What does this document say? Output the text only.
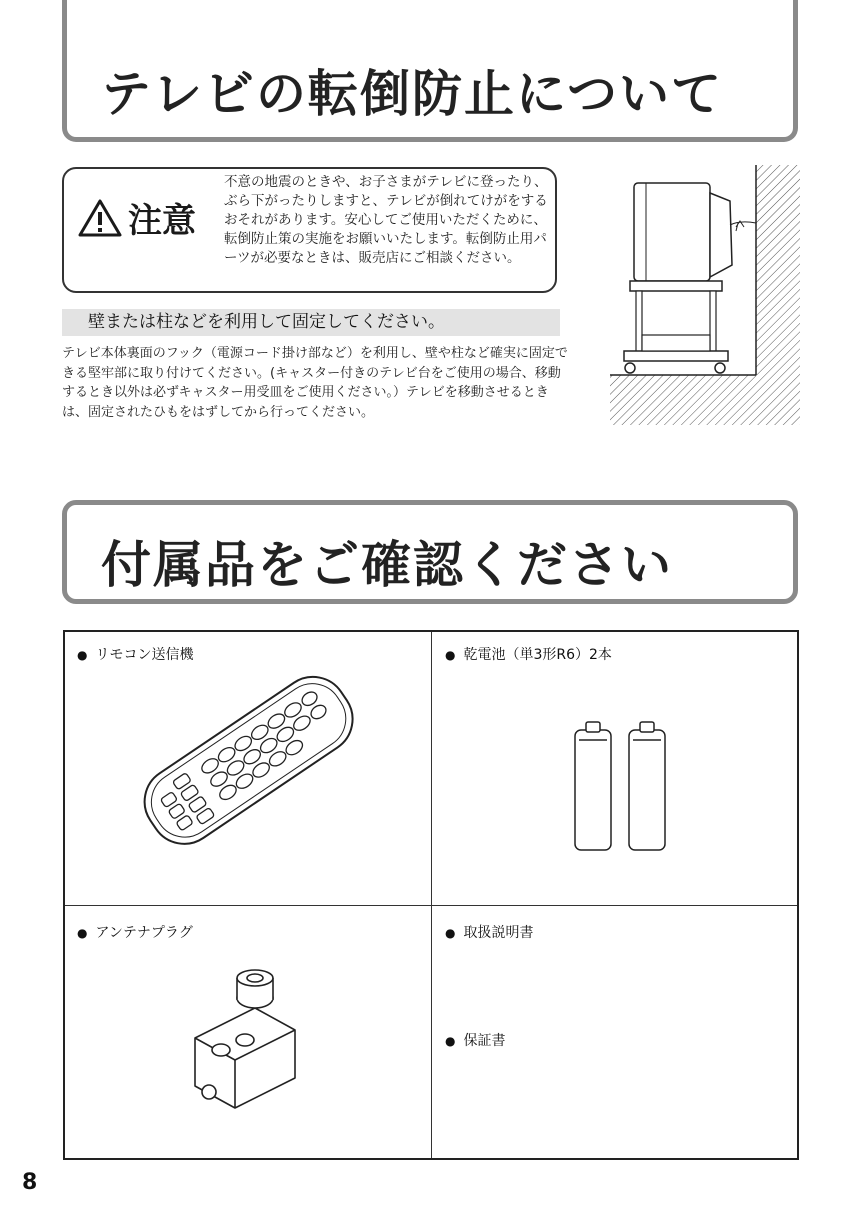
テレビの転倒防止について
注意
不意の地震のときや、お子さまがテレビに登ったり、ぶら下がったりしますと、テレビが倒れてけがをするおそれがあります。安心してご使用いただくために、転倒防止策の実施をお願いいたします。転倒防止用パーツが必要なときは、販売店にご相談ください。
壁または柱などを利用して固定してください。
テレビ本体裏面のフック（電源コード掛け部など）を利用し、壁や柱など確実に固定できる堅牢部に取り付けてください。(キャスター付きのテレビ台をご使用の場合、移動するとき以外は必ずキャスター用受皿をご使用ください。）テレビを移動させるときは、固定されたひもをはずしてから行ってください。
付属品をご確認ください
● リモコン送信機	● 乾電池（単3形R6）2本
● アンテナプラグ	● 取扱説明書
● 保証書
8
